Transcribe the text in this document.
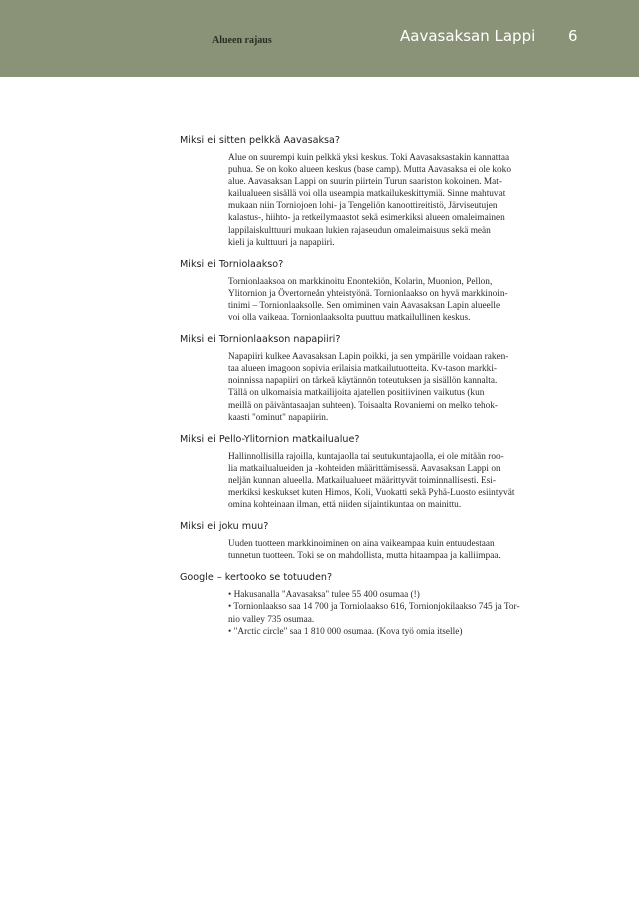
Alueen rajaus	Aavasaksan Lappi 6
Miksi ei sitten pelkkä Aavasaksa?

Alue on suurempi kuin pelkkä yksi keskus. Toki Aavasaksastakin kannattaa

puhua. Se on koko alueen keskus (base camp). Mutta Aavasaksa ei ole koko

alue. Aavasaksan Lappi on suurin piirtein Turun saariston kokoinen. Mat-

kailualueen sisällä voi olla useampia matkailukeskittymiä. Sinne mahtuvat

mukaan niin Torniojoen lohi- ja Tengeliön kanoottireitistö, Järviseutujen

kalastus-, hiihto- ja retkeilymaastot sekä esimerkiksi alueen omaleimainen

lappilaiskulttuuri mukaan lukien rajaseudun omaleimaisuus sekä meän

kieli ja kulttuuri ja napapiiri.

Miksi ei Torniolaakso?

Tornionlaaksoa on markkinoitu Enontekiön, Kolarin, Muonion, Pellon,

Ylitornion ja Övertorneån yhteistyönä. Tornionlaakso on hyvä markkinoin-

tinimi – Tornionlaaksolle. Sen omiminen vain Aavasaksan Lapin alueelle

voi olla vaikeaa. Tornionlaaksolta puuttuu matkailullinen keskus.

Miksi ei Tornionlaakson napapiiri?

Napapiiri kulkee Aavasaksan Lapin poikki, ja sen ympärille voidaan raken-

taa alueen imagoon sopivia erilaisia matkailutuotteita. Kv-tason markki-

noinnissa napapiiri on tärkeä käytännön toteutuksen ja sisällön kannalta.

Tällä on ulkomaisia matkailijoita ajatellen positiivinen vaikutus (kun

meillä on päiväntasaajan suhteen). Toisaalta Rovaniemi on melko tehok-

kaasti "ominut" napapiirin.

Miksi ei Pello-Ylitornion matkailualue?

Hallinnollisilla rajoilla, kuntajaolla tai seutukuntajaolla, ei ole mitään roo-

lia matkailualueiden ja -kohteiden määrittämisessä. Aavasaksan Lappi on

neljän kunnan alueella. Matkailualueet määrittyvät toiminnallisesti. Esi-

merkiksi keskukset kuten Himos, Koli, Vuokatti sekä Pyhä-Luosto esiintyvät

omina kohteinaan ilman, että niiden sijaintikuntaa on mainittu.

Miksi ei joku muu?

Uuden tuotteen markkinoiminen on aina vaikeampaa kuin entuudestaan

tunnetun tuotteen. Toki se on mahdollista, mutta hitaampaa ja kalliimpaa.

Google – kertooko se totuuden?

• Hakusanalla "Aavasaksa" tulee 55 400 osumaa (!)

• Tornionlaakso saa 14 700 ja Torniolaakso 616, Tornionjokilaakso 745 ja Tor-

nio valley 735 osumaa.

• "Arctic circle" saa 1 810 000 osumaa. (Kova työ omia itselle)
